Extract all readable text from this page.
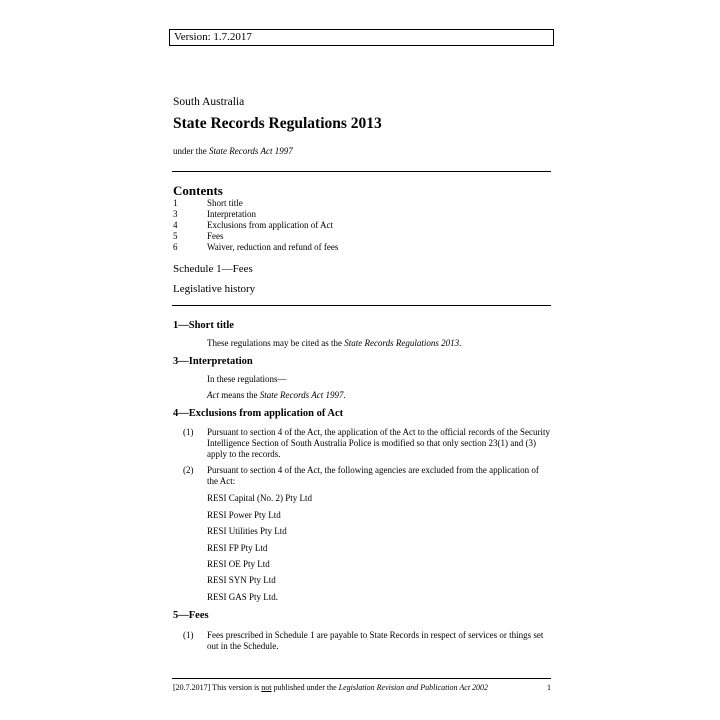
Version: 1.7.2017
South Australia
State Records Regulations 2013
under the State Records Act 1997
Contents
1	Short title
3	Interpretation
4	Exclusions from application of Act
5	Fees
6	Waiver, reduction and refund of fees
Schedule 1—Fees
Legislative history
1—Short title
These regulations may be cited as the State Records Regulations 2013.
3—Interpretation
In these regulations—
Act means the State Records Act 1997.
4—Exclusions from application of Act
(1) Pursuant to section 4 of the Act, the application of the Act to the official records of the Security Intelligence Section of South Australia Police is modified so that only section 23(1) and (3) apply to the records.
(2) Pursuant to section 4 of the Act, the following agencies are excluded from the application of the Act:
RESI Capital (No. 2) Pty Ltd
RESI Power Pty Ltd
RESI Utilities Pty Ltd
RESI FP Pty Ltd
RESI OE Pty Ltd
RESI SYN Pty Ltd
RESI GAS Pty Ltd.
5—Fees
(1) Fees prescribed in Schedule 1 are payable to State Records in respect of services or things set out in the Schedule.
[20.7.2017] This version is not published under the Legislation Revision and Publication Act 2002	1
